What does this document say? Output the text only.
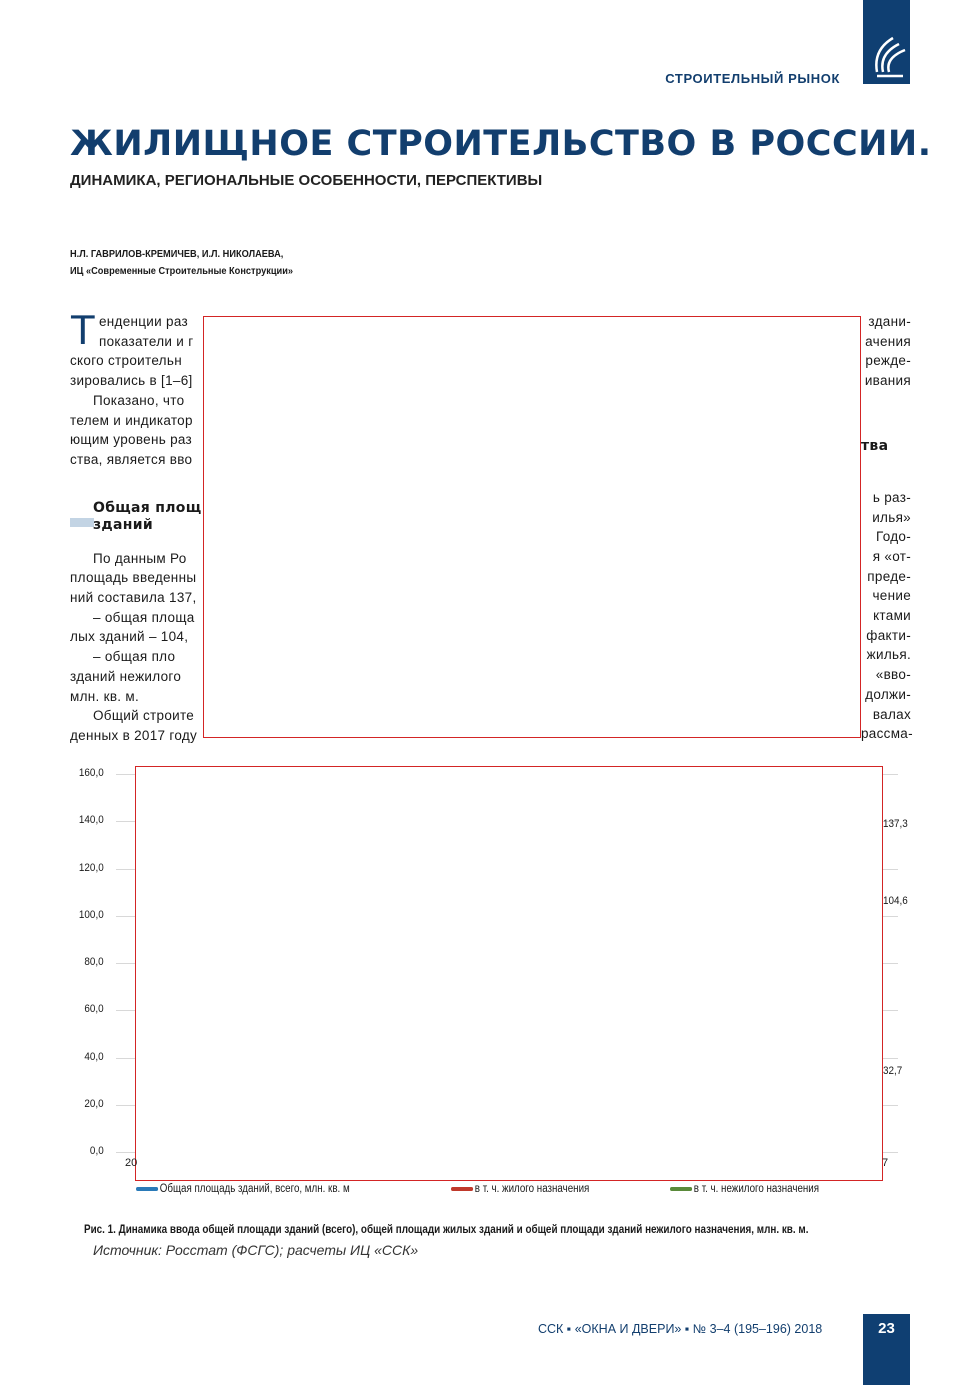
СТРОИТЕЛЬНЫЙ РЫНОК
ЖИЛИЩНОЕ СТРОИТЕЛЬСТВО В РОССИИ.
ДИНАМИКА, РЕГИОНАЛЬНЫЕ ОСОБЕННОСТИ, ПЕРСПЕКТИВЫ
Н.Л. ГАВРИЛОВ-КРЕМИЧЕВ, И.Л. НИКОЛАЕВА,
ИЦ «Современные Строительные Конструкции»
Т енденции раз
показатели и г
ского строительн
зировались в [1–6]
Показано, что
телем и индикатор
ющим уровень раз
ства, является вво
Общая площ
зданий
По данным Ро
площадь введенны
ний составила 137,
– общая площа
лых зданий – 104,
– общая пло
зданий нежилого
млн. кв. м.
Общий строите
денных в 2017 году
здани-
ачения
режде-
ивания
тва
ь раз-
илья»
Годо-
я «от-
преде-
чение
ктами
факти-
жилья.
«вво-
должи-
валах
рассма-
0,0
20,0
40,0
60,0
80,0
100,0
120,0
140,0
160,0
137,3
104,6
32,7
20	7
Общая площадь зданий, всего, млн. кв. м	в т. ч. жилого назначения	в т. ч. нежилого назначения
Рис. 1. Динамика ввода общей площади зданий (всего), общей площади жилых зданий и общей площади зданий нежилого назначения, млн. кв. м.
Источник: Росстат (ФСГС); расчеты ИЦ «ССК»
ССК ▪ «ОКНА И ДВЕРИ» ▪ № 3–4 (195–196) 2018	23
